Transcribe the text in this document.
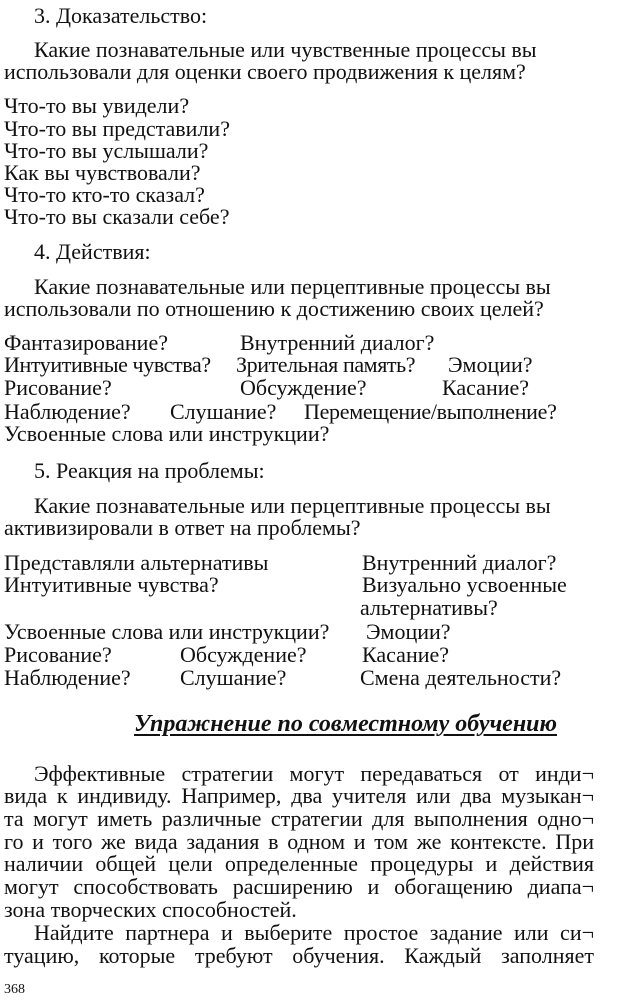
3. Доказательство:
Какие познавательные или чувственные процессы вы
использовали для оценки своего продвижения к целям?
Что-то вы увидели?
Что-то вы представили?
Что-то вы услышали?
Как вы чувствовали?
Что-то кто-то сказал?
Что-то вы сказали себе?
4. Действия:
Какие познавательные или перцептивные процессы вы
использовали по отношению к достижению своих целей?
Фантазирование?	Внутренний диалог?
Интуитивные чувства? Зрительная память? Эмоции?
Рисование?	Обсуждение?	Касание?
Наблюдение? Слушание? Перемещение/выполнение?
Усвоенные слова или инструкции?
5. Реакция на проблемы:
Какие познавательные или перцептивные процессы вы
активизировали в ответ на проблемы?
Представляли альтернативы	Внутренний диалог?
Интуитивные чувства?	Визуально усвоенные
альтернативы?
Усвоенные слова или инструкции? Эмоции?
Рисование?	Обсуждение?	Касание?
Наблюдение? Слушание?	Смена деятельности?
Упражнение по совместному обучению
Эффективные стратегии могут передаваться от инди¬
вида к индивиду. Например, два учителя или два музыкан¬
та могут иметь различные стратегии для выполнения одно¬
го и того же вида задания в одном и том же контексте. При
наличии общей цели определенные процедуры и действия
могут способствовать расширению и обогащению диапа¬
зона творческих способностей.
Найдите партнера и выберите простое задание или си¬
туацию, которые требуют обучения. Каждый заполняет
368
